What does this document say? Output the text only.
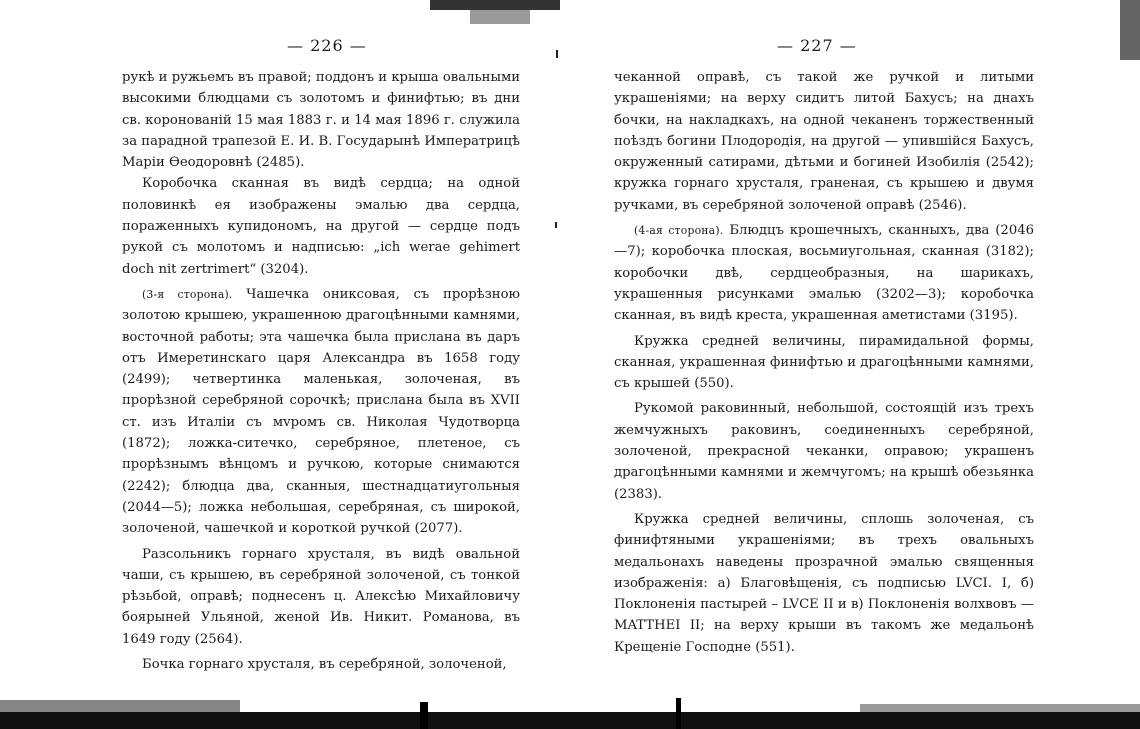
— 226 —

рукѣ и ружьемъ въ правой; поддонъ и крыша овальными высокими блюдцами съ золотомъ и финифтью; въ дни св. коронованій 15 мая 1883 г. и 14 мая 1896 г. служила за парадной трапезой Е. И. В. Государынѣ Императрицѣ Маріи Ѳеодоровнѣ (2485).

Коробочка сканная въ видѣ сердца; на одной половинкѣ ея изображены эмалью два сердца, пораженныхъ купидономъ, на другой — сердце подъ рукой съ молотомъ и надписью: „ich werae gehimert doch nit zertrimert“ (3204).

(3-я сторона). Чашечка ониксовая, съ прорѣзною золотою крышею, украшенною драгоцѣнными камнями, восточной работы; эта чашечка была прислана въ даръ отъ Имеретинскаго царя Александра въ 1658 году (2499); четвертинка маленькая, золоченая, въ прорѣзной серебряной сорочкѣ; прислана была въ XVII ст. изъ Италіи съ мvромъ св. Николая Чудотворца (1872); ложка-ситечко, серебряное, плетеное, съ прорѣзнымъ вѣнцомъ и ручкою, которые снимаются (2242); блюдца два, сканныя, шестнадцатиугольныя (2044—5); ложка небольшая, серебряная, съ широкой, золоченой, чашечкой и короткой ручкой (2077).

Разсольникъ горнаго хрусталя, въ видѣ овальной чаши, съ крышею, въ серебряной золоченой, съ тонкой рѣзьбой, оправѣ; поднесенъ ц. Алексѣю Михайловичу боярыней Ульяной, женой Ив. Никит. Романова, въ 1649 году (2564).

Бочка горнаго хрусталя, въ серебряной, золоченой,

— 227 —

чеканной оправѣ, съ такой же ручкой и литыми украшеніями; на верху сидитъ литой Бахусъ; на днахъ бочки, на накладкахъ, на одной чеканенъ торжественный поѣздъ богини Плодородія, на другой — упившійся Бахусъ, окруженный сатирами, дѣтьми и богиней Изобилія (2542); кружка горнаго хрусталя, граненая, съ крышею и двумя ручками, въ серебряной золоченой оправѣ (2546).

(4-ая сторона). Блюдцъ крошечныхъ, сканныхъ, два (2046—7); коробочка плоская, восьмиугольная, сканная (3182); коробочки двѣ, сердцеобразныя, на шарикахъ, украшенныя рисунками эмалью (3202—3); коробочка сканная, въ видѣ креста, украшенная аметистами (3195).

Кружка средней величины, пирамидальной формы, сканная, украшенная финифтью и драгоцѣнными камнями, съ крышей (550).

Рукомой раковинный, небольшой, состоящій изъ трехъ жемчужныхъ раковинъ, соединенныхъ серебряной, золоченой, прекрасной чеканки, оправою; украшенъ драгоцѣнными камнями и жемчугомъ; на крышѣ обезьянка (2383).

Кружка средней величины, сплошь золоченая, съ финифтяными украшеніями; въ трехъ овальныхъ медальонахъ наведены прозрачной эмалью священныя изображенія: а) Благовѣщенія, съ подписью LVCI. I, б) Поклоненія пастырей – LVCE II и в) Поклоненія волхвовъ — MATTHEI II; на верху крыши въ такомъ же медальонѣ Крещеніе Господне (551).
